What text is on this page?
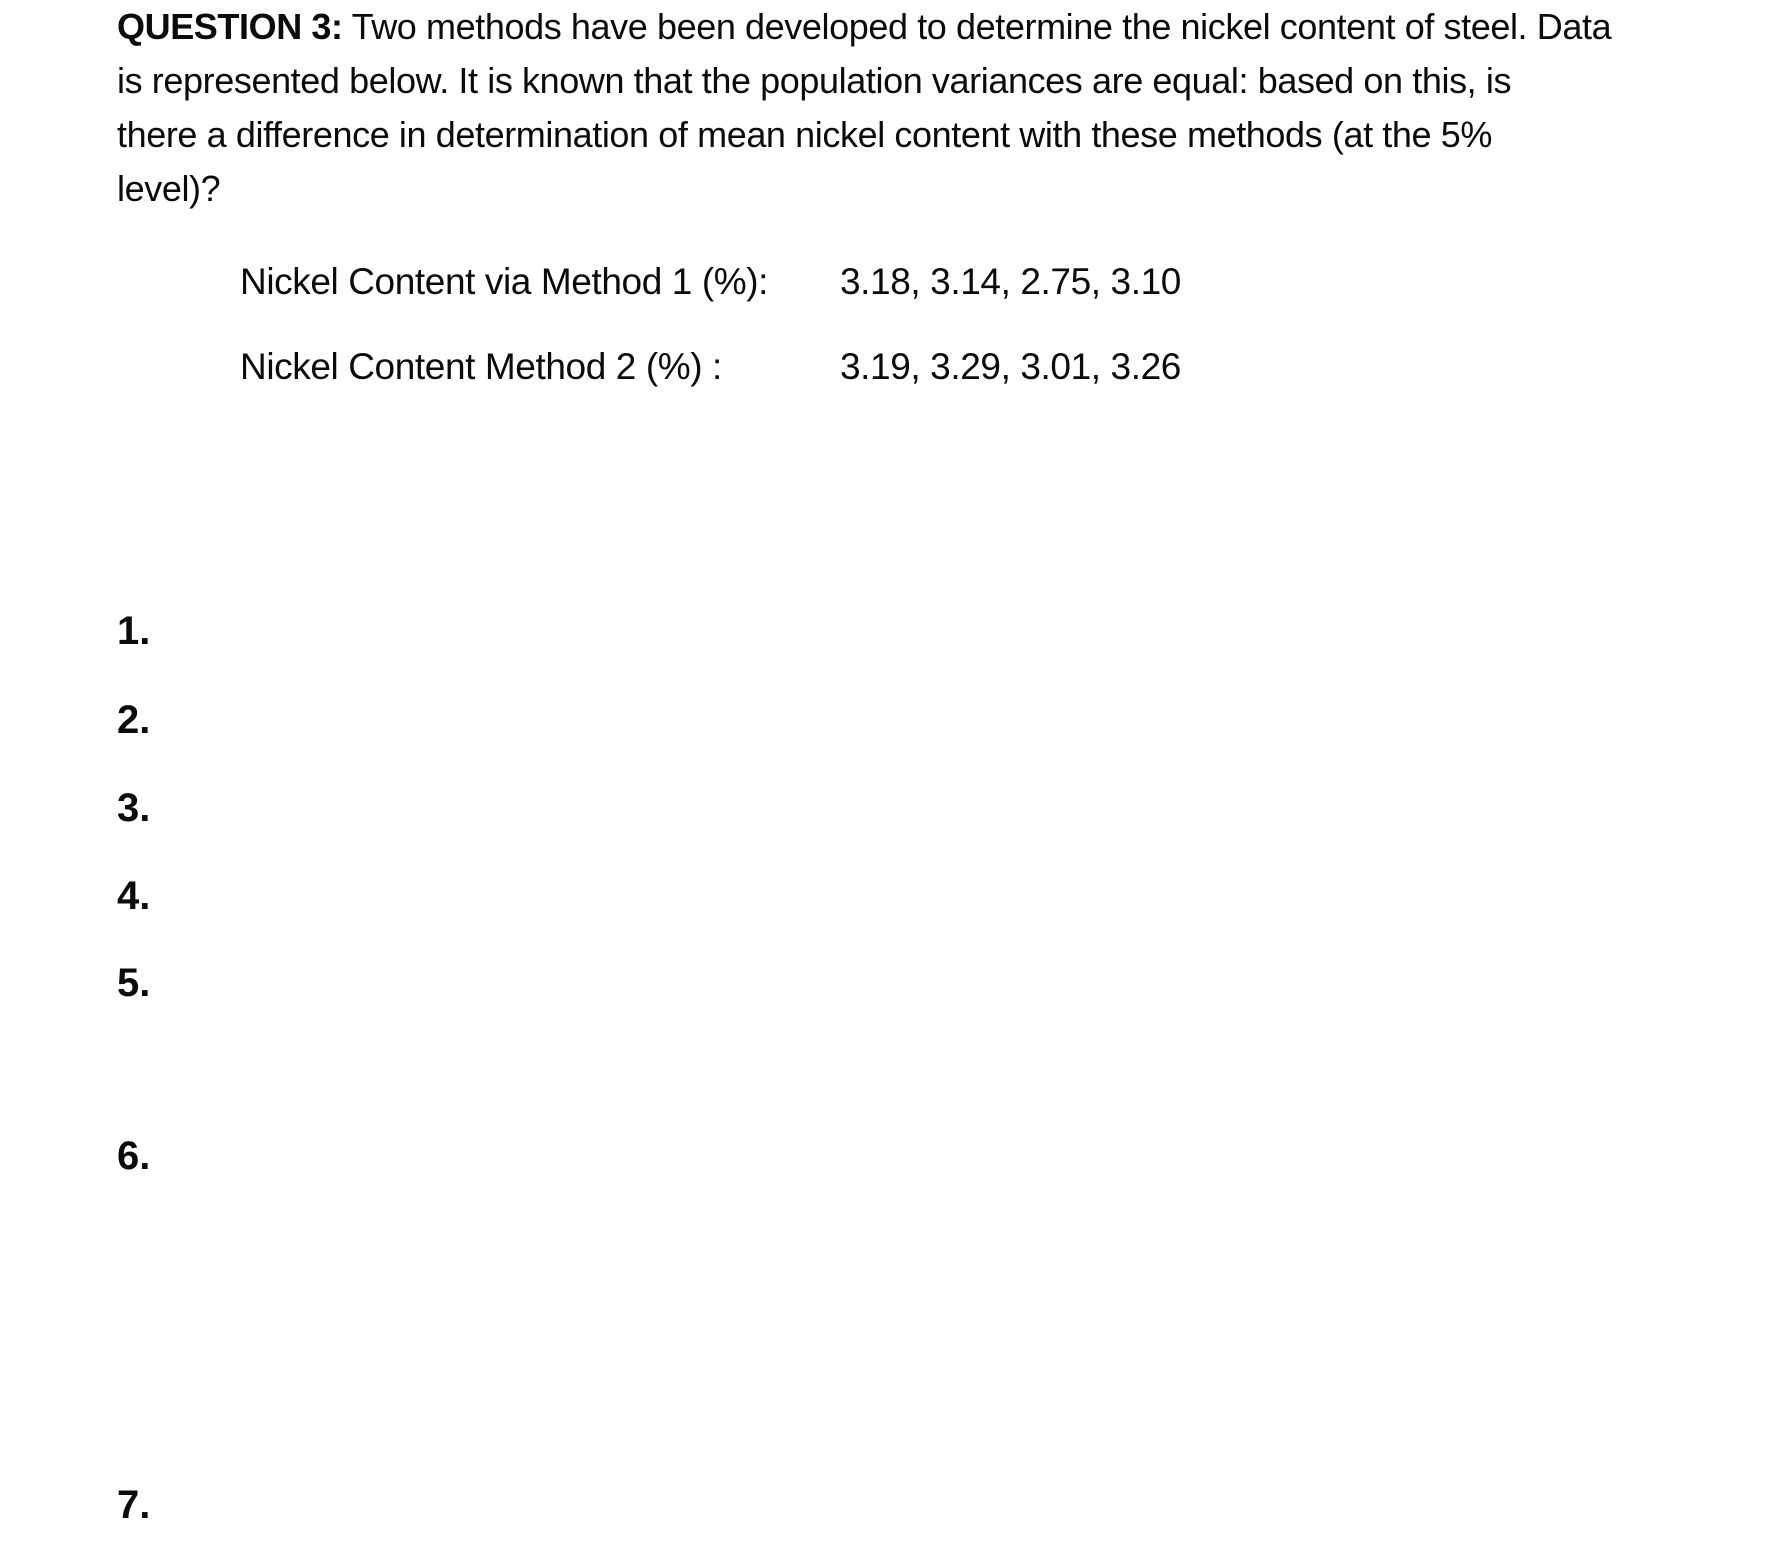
QUESTION 3: Two methods have been developed to determine the nickel content of steel. Data
is represented below. It is known that the population variances are equal: based on this, is
there a difference in determination of mean nickel content with these methods (at the 5%
level)?

Nickel Content via Method 1 (%): 3.18, 3.14, 2.75, 3.10
Nickel Content Method 2 (%) :	3.19, 3.29, 3.01, 3.26
1.
2.
3.
4.
5.
6.
7.
